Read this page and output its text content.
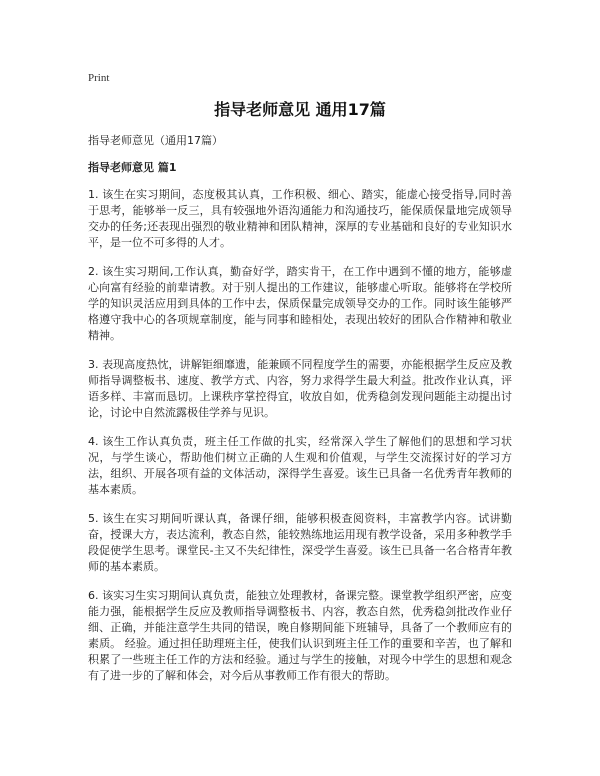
Print
指导老师意见 通用17篇
指导老师意见（通用17篇）
指导老师意见 篇1
1. 该生在实习期间，态度极其认真，工作积极、细心、踏实，能虚心接受指导,同时善于思考，能够举一反三，具有较强地外语沟通能力和沟通技巧，能保质保量地完成领导交办的任务;还表现出强烈的敬业精神和团队精神，深厚的专业基础和良好的专业知识水平，是一位不可多得的人才。
2. 该生实习期间,工作认真，勤奋好学，踏实肯干，在工作中遇到不懂的地方，能够虚心向富有经验的前辈请教。对于别人提出的工作建议，能够虚心听取。能够将在学校所学的知识灵活应用到具体的工作中去，保质保量完成领导交办的工作。同时该生能够严格遵守我中心的各项规章制度，能与同事和睦相处，表现出较好的团队合作精神和敬业精神。
3. 表现高度热忱，讲解钜细靡遗，能兼顾不同程度学生的需要，亦能根据学生反应及教师指导调整板书、速度、教学方式、内容，努力求得学生最大利益。批改作业认真，评语多样、丰富而恳切。上课秩序掌控得宜，收放自如，优秀稳剑发现问题能主动提出讨论，讨论中自然流露极佳学养与见识。
4. 该生工作认真负责，班主任工作做的扎实，经常深入学生了解他们的思想和学习状况，与学生谈心，帮助他们树立正确的人生观和价值观，与学生交流探讨好的学习方法，组织、开展各项有益的文体活动，深得学生喜爱。该生已具备一名优秀青年教师的基本素质。
5. 该生在实习期间听课认真，备课仔细，能够积极查阅资料，丰富教学内容。试讲勤奋，授课大方，表达流利，教态自然，能较熟练地运用现有教学设备，采用多种教学手段促使学生思考。课堂民-主又不失纪律性，深受学生喜爱。该生已具备一名合格青年教师的基本素质。
6. 该实习生实习期间认真负责，能独立处理教材，备课完整。课堂教学组织严密，应变能力强，能根据学生反应及教师指导调整板书、内容，教态自然，优秀稳剑批改作业仔细、正确，并能注意学生共同的错误，晚自修期间能下班辅导，具备了一个教师应有的素质。 经验。通过担任助理班主任，使我们认识到班主任工作的重要和辛苦，也了解和积累了一些班主任工作的方法和经验。通过与学生的接触，对现今中学生的思想和观念有了进一步的了解和体会，对今后从事教师工作有很大的帮助。
